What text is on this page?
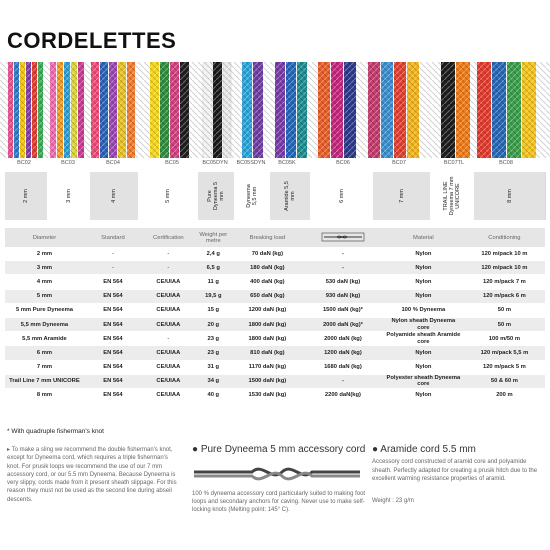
CORDELETTES
BC02	BC03	BC04	BC05	BC05DYN BC05SDYN BC05K	BC06	BC07	BC07TL	BC08
2 mm	3 mm	4 mm	5 mm	Pure Dyneema 5 mm	Dyneema 5,5 mm	Aramide 5,5 mm	6 mm	7 mm	TRAIL LINE Dyneema 7 mm UNICORE	8 mm
Diameter	Standard	Certification	Weight per metre	Breaking load		Material	Conditioning
2 mm	-	-	2,4 g	70 daN (kg)	-	Nylon	120 m/pack 10 m
3 mm	-	-	6,5 g	180 daN (kg)	-	Nylon	120 m/pack 10 m
4 mm	EN 564	CE/UIAA	11 g	400 daN (kg)	530 daN (kg)	Nylon	120 m/pack 7 m
5 mm	EN 564	CE/UIAA	19,5 g	650 daN (kg)	930 daN (kg)	Nylon	120 m/pack 6 m
5 mm Pure Dyneema	EN 564	CE/UIAA	15 g	1200 daN (kg)	1500 daN (kg)*	100 % Dyneema	50 m
5,5 mm Dyneema	EN 564	CE/UIAA	20 g	1800 daN (kg)	2000 daN (kg)*	Nylon sheath Dyneema core	50 m
5,5 mm Aramide	EN 564	-	23 g	1800 daN (kg)	2000 daN (kg)	Polyamide sheath Aramide core	100 m/50 m
6 mm	EN 564	CE/UIAA	23 g	810 daN (kg)	1200 daN (kg)	Nylon	120 m/pack 5,5 m
7 mm	EN 564	CE/UIAA	31 g	1170 daN (kg)	1680 daN (kg)	Nylon	120 m/pack 5 m
Trail Line 7 mm UNICORE	EN 564	CE/UIAA	34 g	1500 daN (kg)	-	Polyester sheath Dyneema core	50 & 60 m
8 mm	EN 564	CE/UIAA	40 g	1530 daN (kg)	2200 daN(kg)	Nylon	200 m
* With quadruple fisherman's knot
▸ To make a sling we recommend the double fisherman's knot, except for Dyneema cord, which requires a triple fisherman's knot. For prusik loops we recommend the use of our 7 mm accessory cord, or our 5.5 mm Dyneema. Because Dyneema is very slippy, cords made from it present sheath slippage. For this reason they must not be used as the second line during abseil descents.
● Pure Dyneema 5 mm accessory cord
100 % dyneema accessory cord particularly suited to making foot loops and secondary anchors for caving. Never use to make self-locking knots (Melting point: 145° C).
● Aramide cord 5.5 mm
Accessory cord constructed of aramid core and polyamide sheath. Perfectly adapted for creating a prusik hitch due to the excellent warming resistance properties of aramid.
Weight : 23 g/m
